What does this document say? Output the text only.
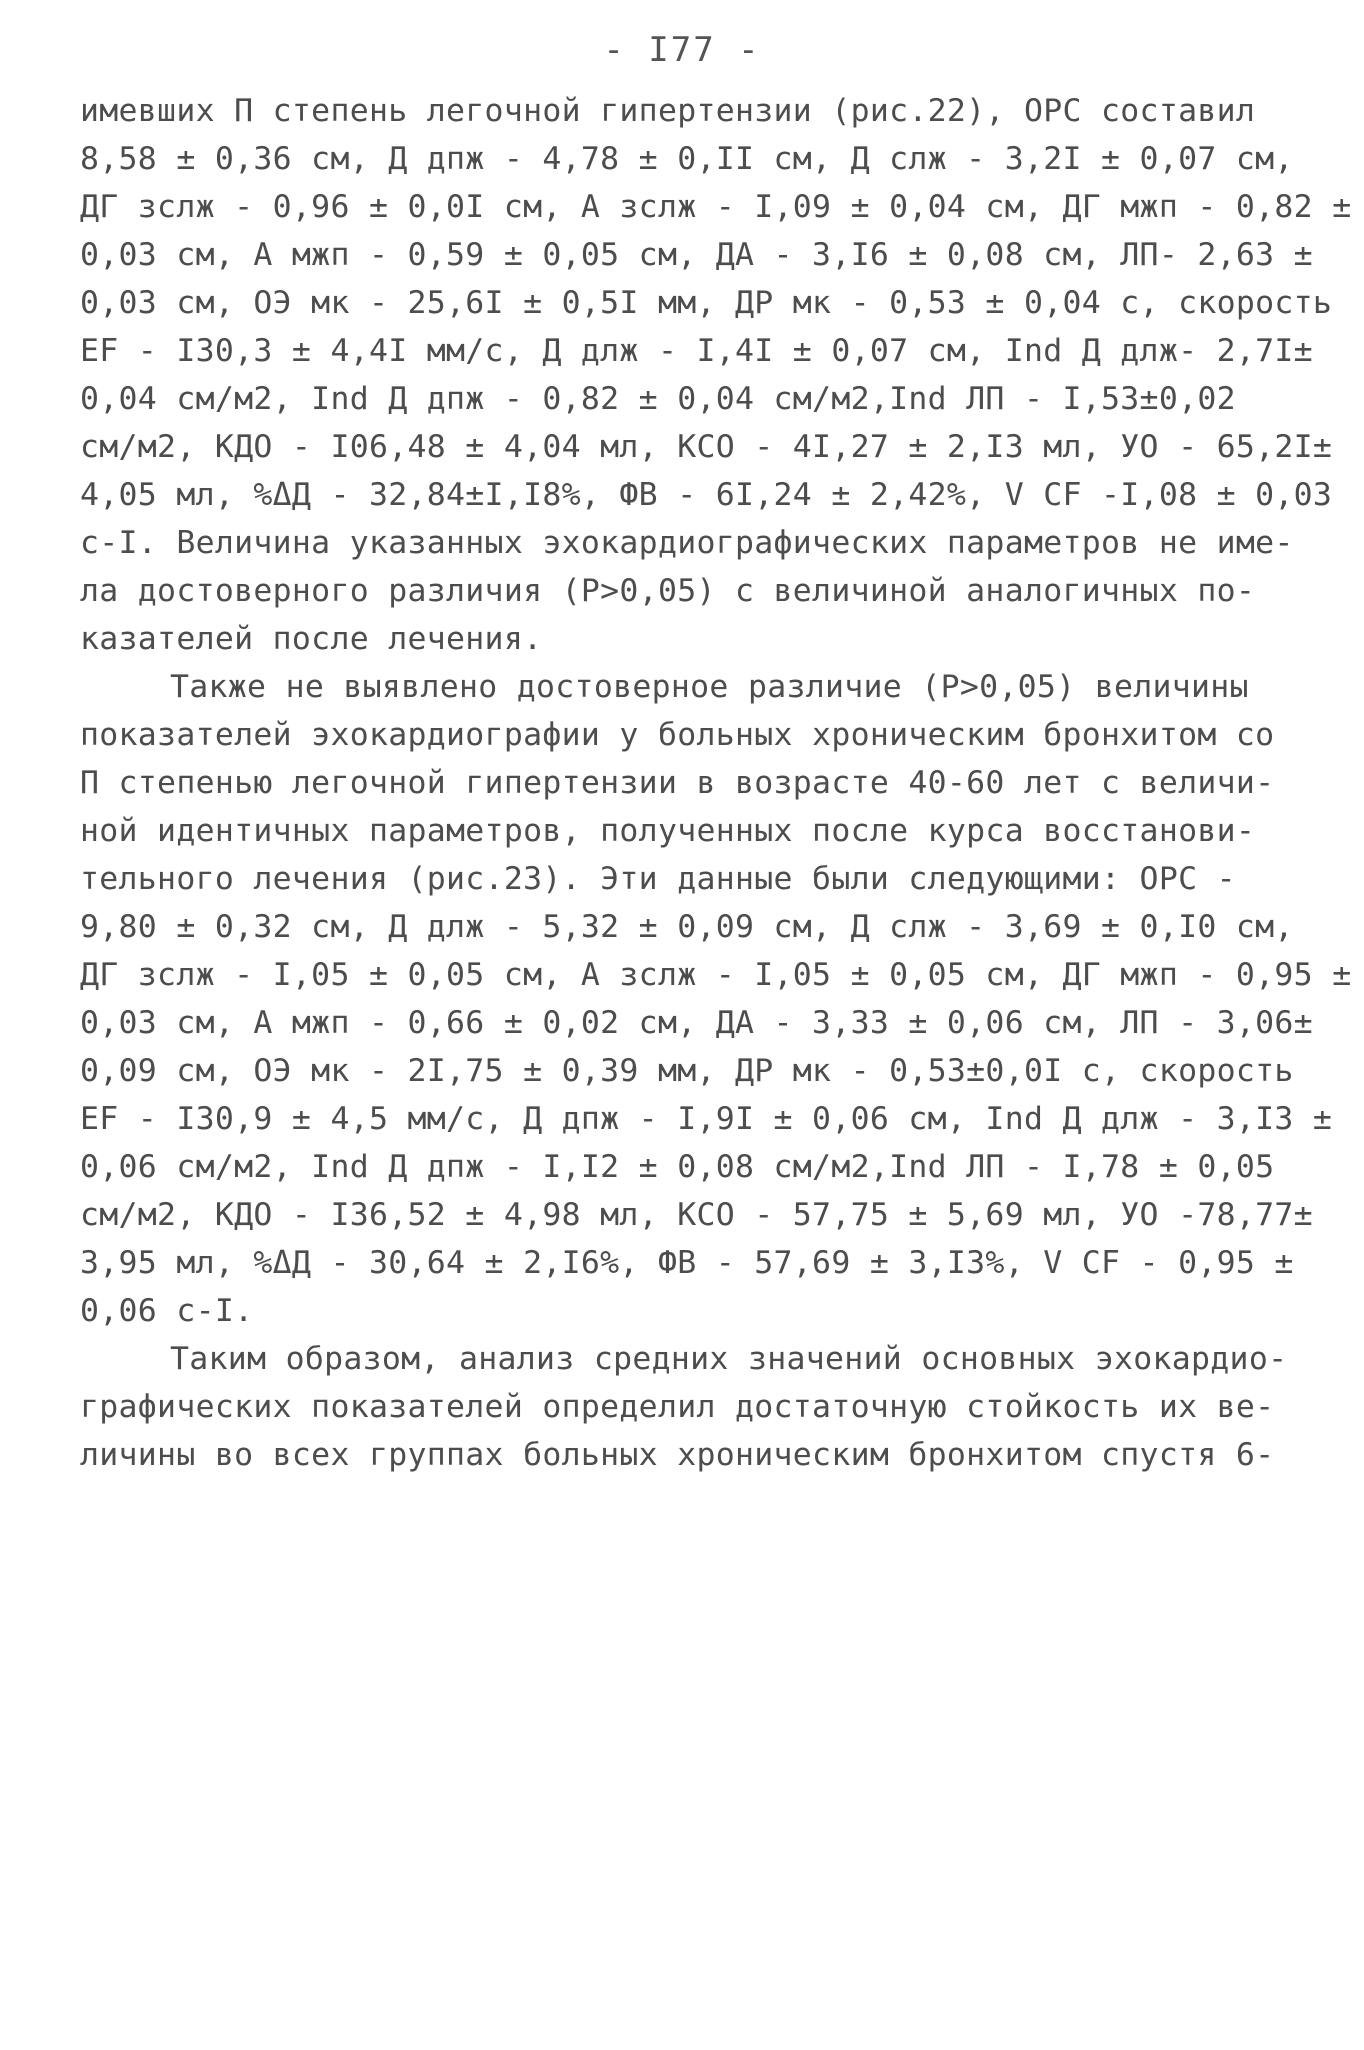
- I77 -
имевших П степень легочной гипертензии (рис.22), ОРС составил
8,58 ± 0,36 см, Д дпж - 4,78 ± 0,II см, Д слж - 3,2I ± 0,07 см,
ДГ зслж - 0,96 ± 0,0I см, А зслж - I,09 ± 0,04 см, ДГ мжп - 0,82 ±
0,03 см, А мжп - 0,59 ± 0,05 см, ДА - 3,I6 ± 0,08 см, ЛП- 2,63 ±
0,03 см, ОЭ мк - 25,6I ± 0,5I мм, ДР мк - 0,53 ± 0,04 с, скорость
EF - I30,3 ± 4,4I мм/с, Д длж - I,4I ± 0,07 см, Ind Д длж- 2,7I±
0,04 см/м2, Ind Д дпж - 0,82 ± 0,04 см/м2,Ind ЛП - I,53±0,02
см/м2, КДО - I06,48 ± 4,04 мл, КСО - 4I,27 ± 2,I3 мл, УО - 65,2I±
4,05 мл, %ΔД - 32,84±I,I8%, ФВ - 6I,24 ± 2,42%, V CF -I,08 ± 0,03
с-I. Величина указанных эхокардиографических параметров не име-
ла достоверного различия (Р>0,05) с величиной аналогичных по-
казателей после лечения.
Также не выявлено достоверное различие (Р>0,05) величины
показателей эхокардиографии у больных хроническим бронхитом со
П степенью легочной гипертензии в возрасте 40-60 лет с величи-
ной идентичных параметров, полученных после курса восстанови-
тельного лечения (рис.23). Эти данные были следующими: ОРС -
9,80 ± 0,32 см, Д длж - 5,32 ± 0,09 см, Д слж - 3,69 ± 0,I0 см,
ДГ зслж - I,05 ± 0,05 см, А зслж - I,05 ± 0,05 см, ДГ мжп - 0,95 ±
0,03 см, А мжп - 0,66 ± 0,02 см, ДА - 3,33 ± 0,06 см, ЛП - 3,06±
0,09 см, ОЭ мк - 2I,75 ± 0,39 мм, ДР мк - 0,53±0,0I с, скорость
EF - I30,9 ± 4,5 мм/с, Д дпж - I,9I ± 0,06 см, Ind Д длж - 3,I3 ±
0,06 см/м2, Ind Д дпж - I,I2 ± 0,08 см/м2,Ind ЛП - I,78 ± 0,05
см/м2, КДО - I36,52 ± 4,98 мл, КСО - 57,75 ± 5,69 мл, УО -78,77±
3,95 мл, %ΔД - 30,64 ± 2,I6%, ФВ - 57,69 ± 3,I3%, V CF - 0,95 ±
0,06 с-I.
Таким образом, анализ средних значений основных эхокардио-
графических показателей определил достаточную стойкость их ве-
личины во всех группах больных хроническим бронхитом спустя 6-
